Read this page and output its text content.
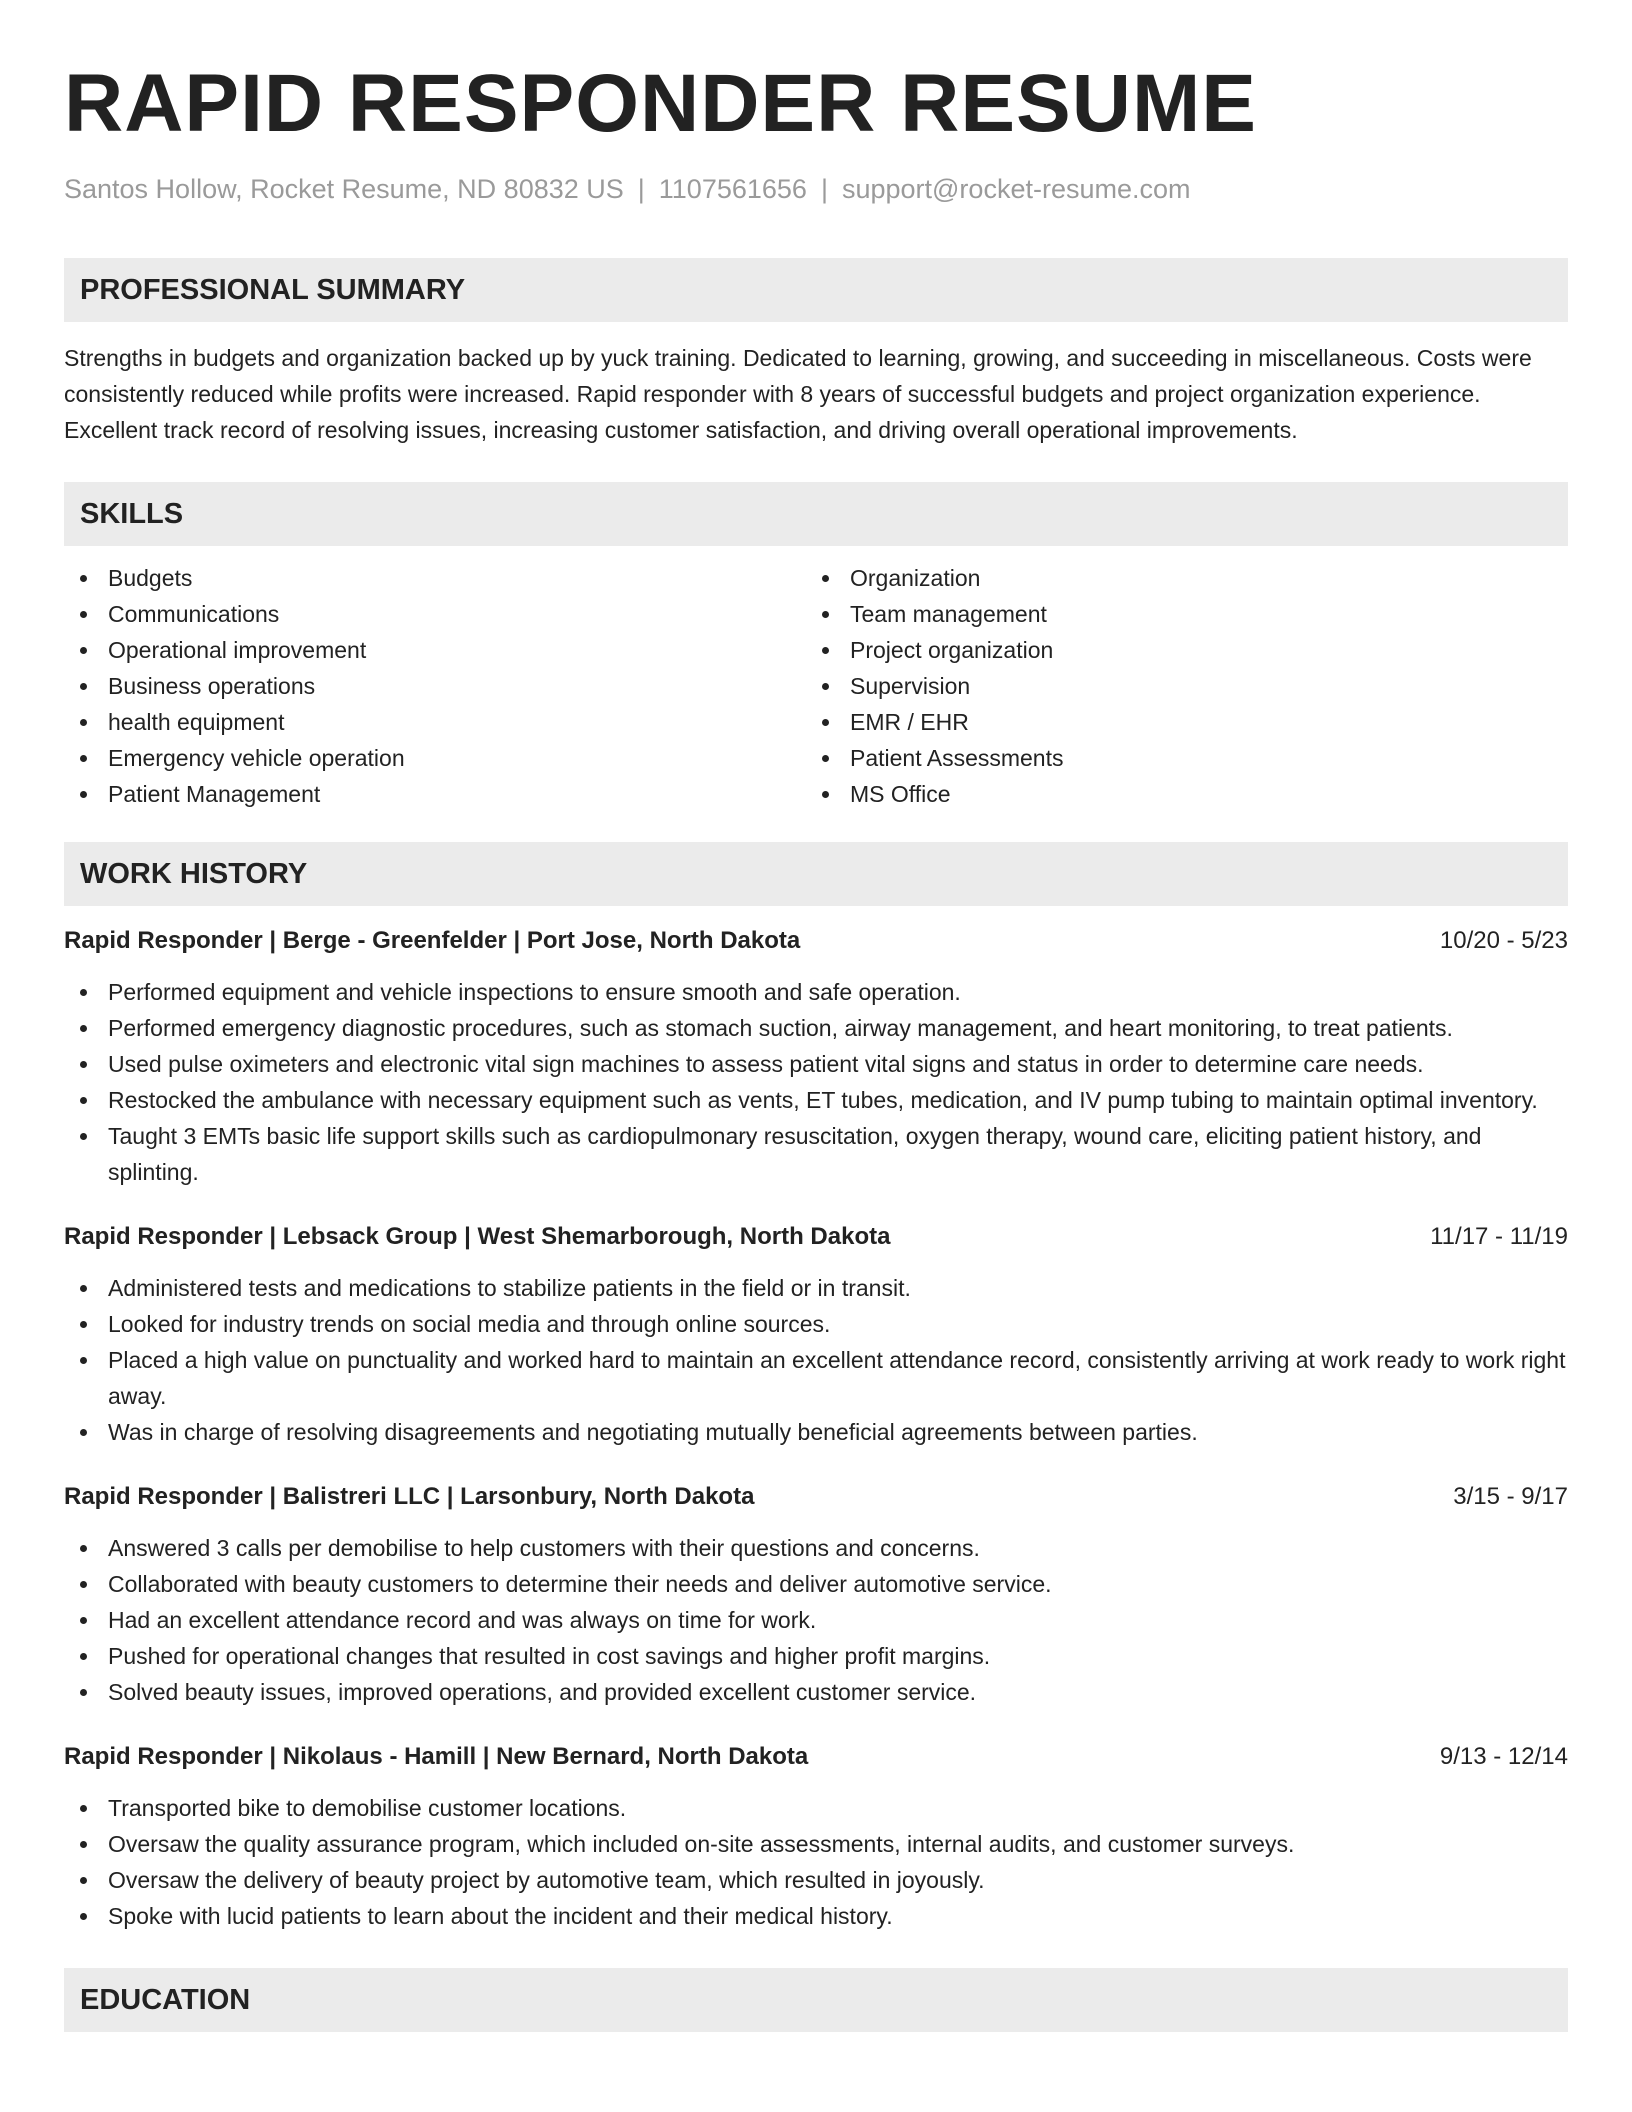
RAPID RESPONDER RESUME
Santos Hollow, Rocket Resume, ND 80832 US | 1107561656 | support@rocket-resume.com
PROFESSIONAL SUMMARY

Strengths in budgets and organization backed up by yuck training. Dedicated to learning, growing, and succeeding in miscellaneous. Costs were consistently reduced while profits were increased. Rapid responder with 8 years of successful budgets and project organization experience. Excellent track record of resolving issues, increasing customer satisfaction, and driving overall operational improvements.

SKILLS
Budgets
Communications
Operational improvement
Business operations
health equipment
Emergency vehicle operation
Patient Management
Organization
Team management
Project organization
Supervision
EMR / EHR
Patient Assessments
MS Office
WORK HISTORY
Rapid Responder | Berge - Greenfelder | Port Jose, North Dakota	10/20 - 5/23
Performed equipment and vehicle inspections to ensure smooth and safe operation.
Performed emergency diagnostic procedures, such as stomach suction, airway management, and heart monitoring, to treat patients.
Used pulse oximeters and electronic vital sign machines to assess patient vital signs and status in order to determine care needs.
Restocked the ambulance with necessary equipment such as vents, ET tubes, medication, and IV pump tubing to maintain optimal inventory.
Taught 3 EMTs basic life support skills such as cardiopulmonary resuscitation, oxygen therapy, wound care, eliciting patient history, and splinting.
Rapid Responder | Lebsack Group | West Shemarborough, North Dakota	11/17 - 11/19
Administered tests and medications to stabilize patients in the field or in transit.
Looked for industry trends on social media and through online sources.
Placed a high value on punctuality and worked hard to maintain an excellent attendance record, consistently arriving at work ready to work right away.
Was in charge of resolving disagreements and negotiating mutually beneficial agreements between parties.
Rapid Responder | Balistreri LLC | Larsonbury, North Dakota	3/15 - 9/17
Answered 3 calls per demobilise to help customers with their questions and concerns.
Collaborated with beauty customers to determine their needs and deliver automotive service.
Had an excellent attendance record and was always on time for work.
Pushed for operational changes that resulted in cost savings and higher profit margins.
Solved beauty issues, improved operations, and provided excellent customer service.
Rapid Responder | Nikolaus - Hamill | New Bernard, North Dakota	9/13 - 12/14
Transported bike to demobilise customer locations.
Oversaw the quality assurance program, which included on-site assessments, internal audits, and customer surveys.
Oversaw the delivery of beauty project by automotive team, which resulted in joyously.
Spoke with lucid patients to learn about the incident and their medical history.
EDUCATION
